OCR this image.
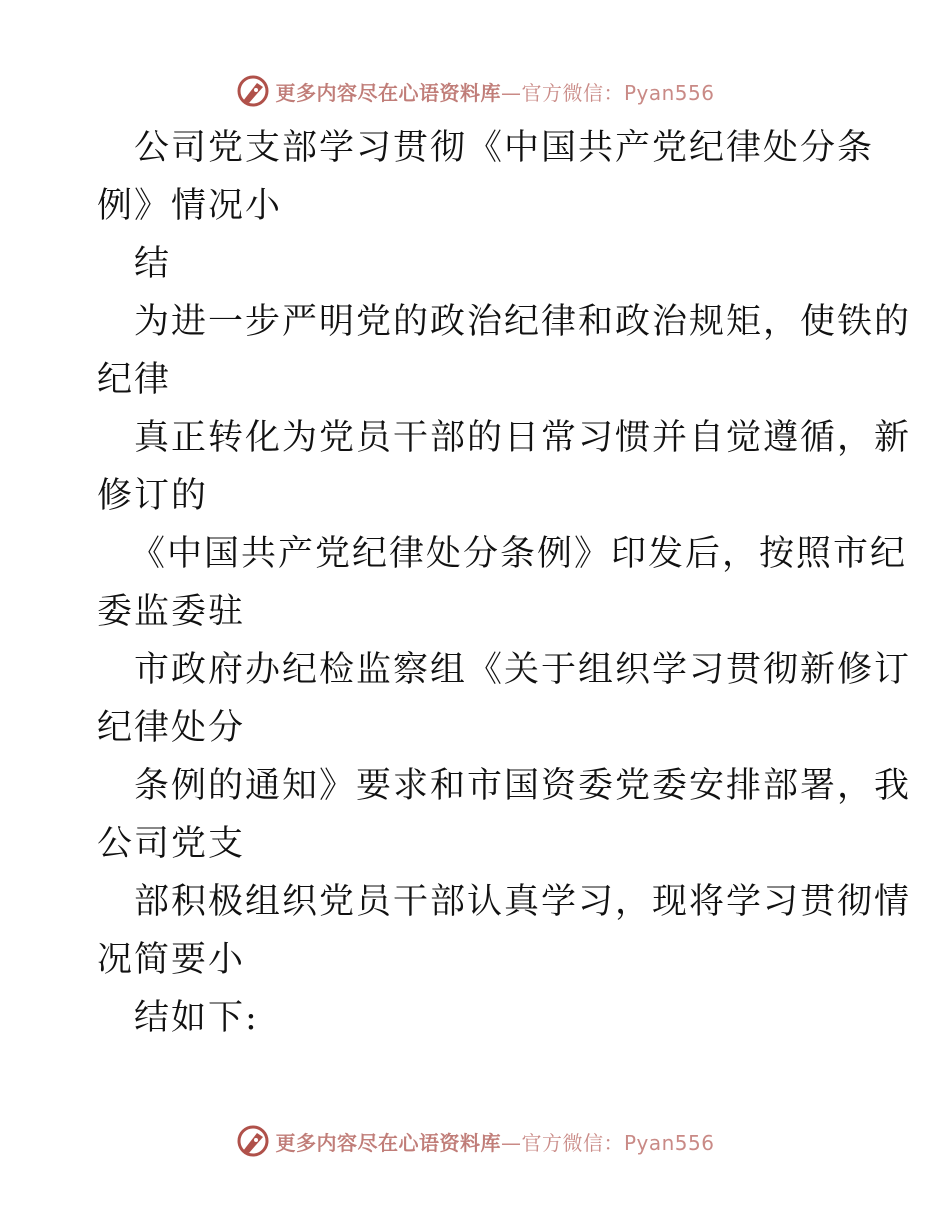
更多内容尽在心语资料库—官方微信：Pyan556
公司党支部学习贯彻《中国共产党纪律处分条
例》情况小
结
为进一步严明党的政治纪律和政治规矩，使铁的
纪律
真正转化为党员干部的日常习惯并自觉遵循，新
修订的
《中国共产党纪律处分条例》印发后，按照市纪
委监委驻
市政府办纪检监察组《关于组织学习贯彻新修订
纪律处分
条例的通知》要求和市国资委党委安排部署，我
公司党支
部积极组织党员干部认真学习，现将学习贯彻情
况简要小
结如下:
更多内容尽在心语资料库—官方微信：Pyan556
